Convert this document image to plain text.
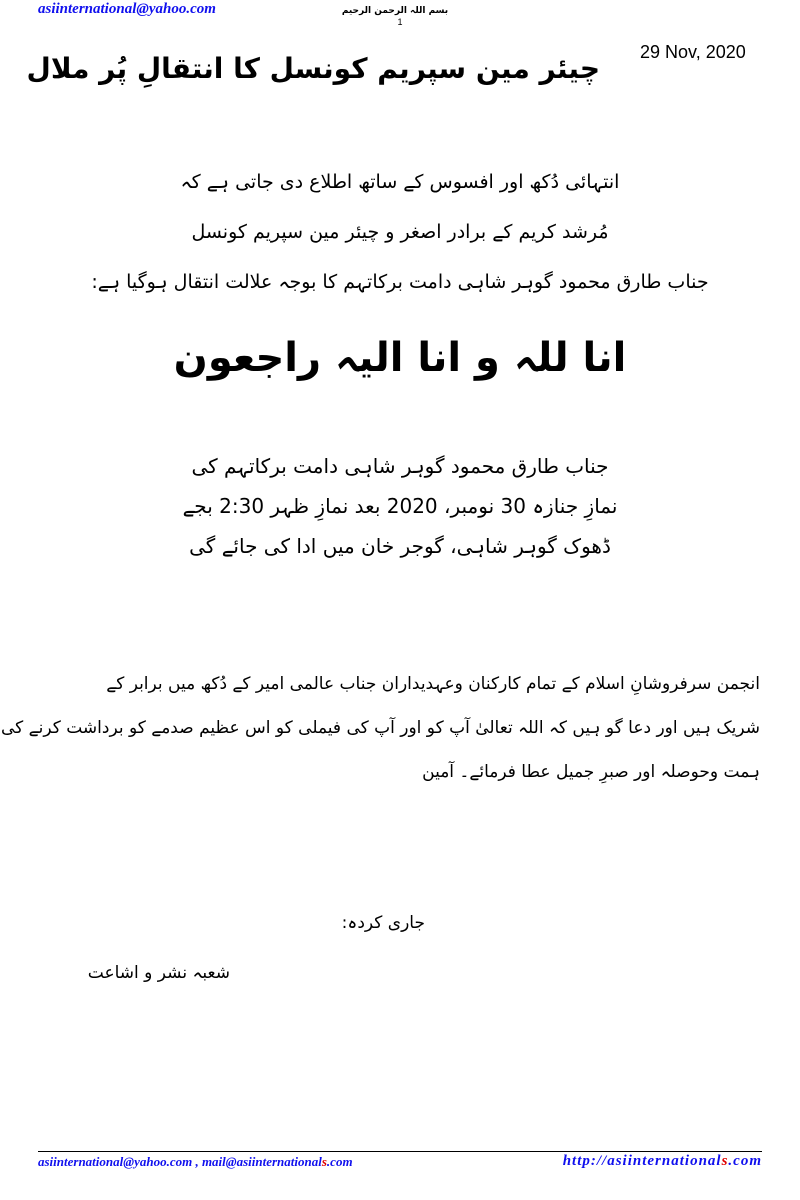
asiinternational@yahoo.com	بسم اللہ الرحمن الرحیم
1
29 Nov, 2020
چیئر مین سپریم کونسل کا انتقالِ پُر ملال
انتہائی دُکھ اور افسوس کے ساتھ اطلاع دی جاتی ہے کہ
مُرشد کریم کے برادر اصغر و چیئر مین سپریم کونسل
جناب طارق محمود گوہر شاہی دامت برکاتہم کا بوجہ علالت انتقال ہوگیا ہے:
انا للہ و انا الیہ راجعون
جناب طارق محمود گوہر شاہی دامت برکاتہم کی
نمازِ جنازہ 30 نومبر، 2020 بعد نمازِ ظہر 2:30 بجے
ڈھوک گوہر شاہی، گوجر خان میں ادا کی جائے گی
انجمن سرفروشانِ اسلام کے تمام کارکنان وعہدیداران جناب عالمی امیر کے دُکھ میں برابر کے
شریک ہیں اور دعا گو ہیں کہ اللہ تعالیٰ آپ کو اور آپ کی فیملی کو اس عظیم صدمے کو برداشت کرنے کی
ہمت وحوصلہ اور صبرِ جمیل عطا فرمائے۔ آمین
جاری کردہ:
شعبہ نشر و اشاعت
asiinternational@yahoo.com , mail@asiinternationals.com	http://asiinternationals.com
